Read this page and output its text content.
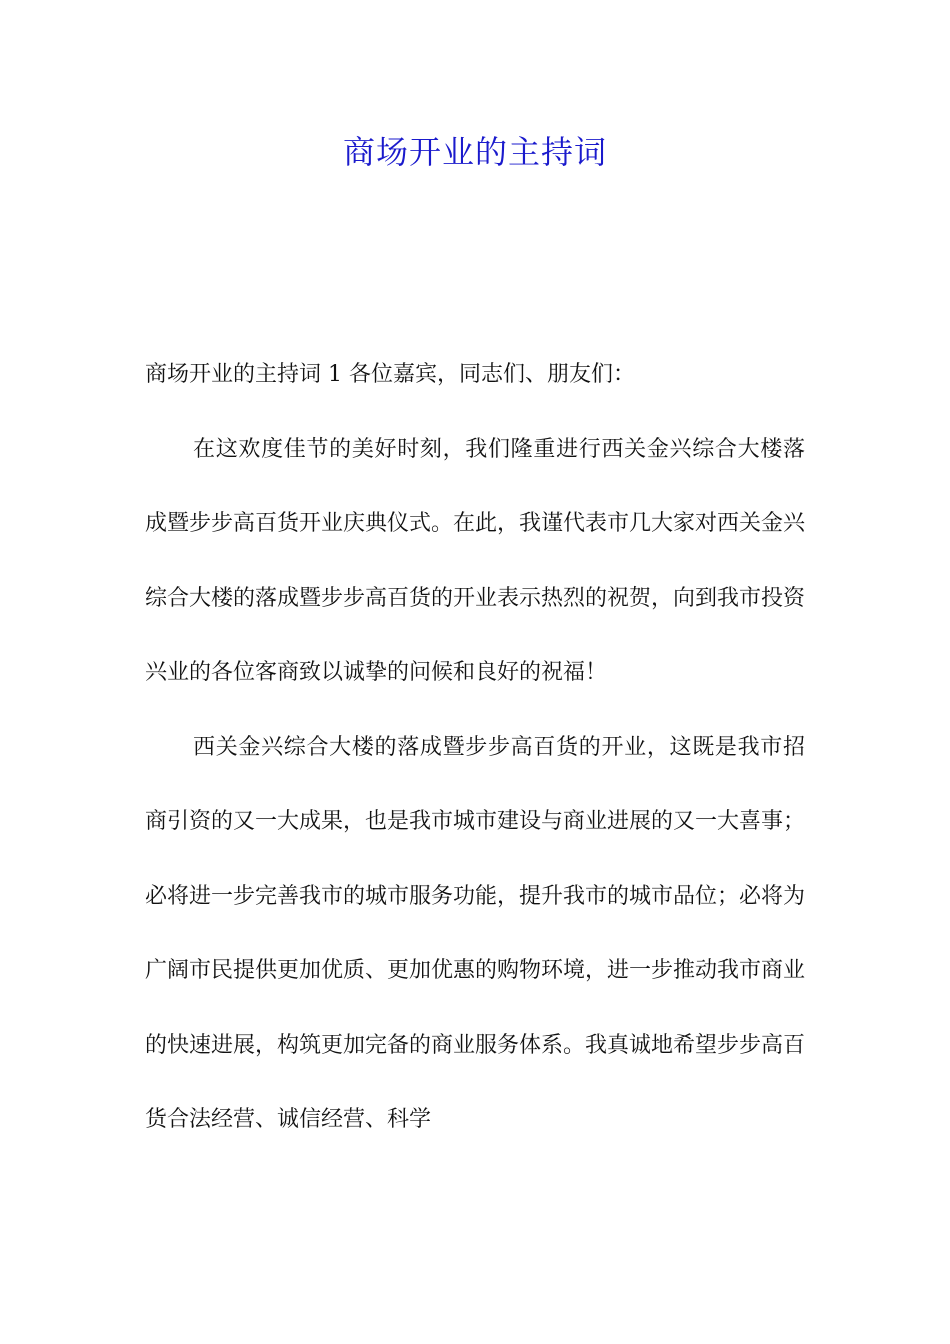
商场开业的主持词

商场开业的主持词 1 各位嘉宾，同志们、朋友们：

在这欢度佳节的美好时刻，我们隆重进行西关金兴综合大楼落成暨步步高百货开业庆典仪式。在此，我谨代表市几大家对西关金兴综合大楼的落成暨步步高百货的开业表示热烈的祝贺，向到我市投资兴业的各位客商致以诚挚的问候和良好的祝福！

西关金兴综合大楼的落成暨步步高百货的开业，这既是我市招商引资的又一大成果，也是我市城市建设与商业进展的又一大喜事；必将进一步完善我市的城市服务功能，提升我市的城市品位；必将为广阔市民提供更加优质、更加优惠的购物环境，进一步推动我市商业的快速进展，构筑更加完备的商业服务体系。我真诚地希望步步高百货合法经营、诚信经营、科学
